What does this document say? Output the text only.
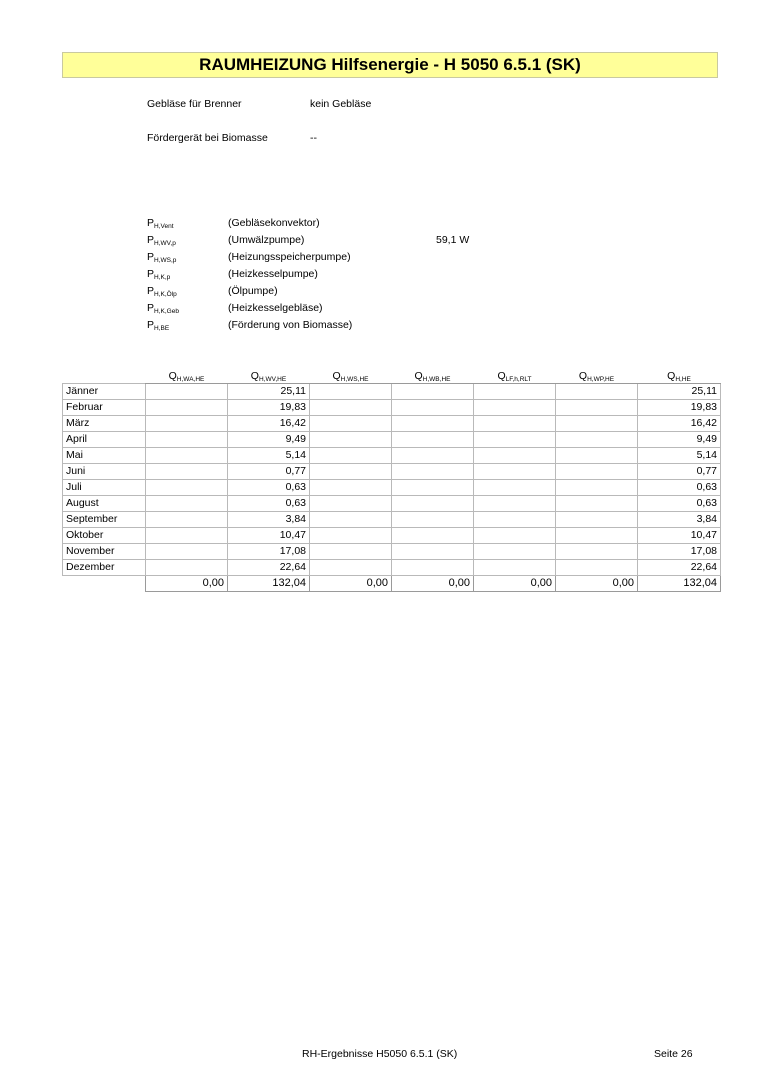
RAUMHEIZUNG Hilfsenergie - H 5050 6.5.1 (SK)
Gebläse für Brenner	kein Gebläse
Fördergerät bei Biomasse	--
$P_{H,Vent}$	(Gebläsekonvektor)
$P_{H,WV,p}$	(Umwälzpumpe)	59,1 W
$P_{H,WS,p}$	(Heizungsspeicherpumpe)
$P_{H,K,p}$	(Heizkesselpumpe)
$P_{H,K,Ölp}$	(Ölpumpe)
$P_{H,K,Geb}$	(Heizkesselgebläse)
$P_{H,BE}$	(Förderung von Biomasse)
	$Q_{H,WA,HE}$	$Q_{H,WV,HE}$	$Q_{H,WS,HE}$	$Q_{H,WB,HE}$	$Q_{LF,h,RLT}$	$Q_{H,WP,HE}$	$Q_{H,HE}$
Jänner		25,11					25,11
Februar		19,83					19,83
März		16,42					16,42
April		9,49					9,49
Mai		5,14					5,14
Juni		0,77					0,77
Juli		0,63					0,63
August		0,63					0,63
September		3,84					3,84
Oktober		10,47					10,47
November		17,08					17,08
Dezember		22,64					22,64
	0,00	132,04	0,00	0,00	0,00	0,00	132,04
RH-Ergebnisse H5050 6.5.1 (SK)	Seite 26
